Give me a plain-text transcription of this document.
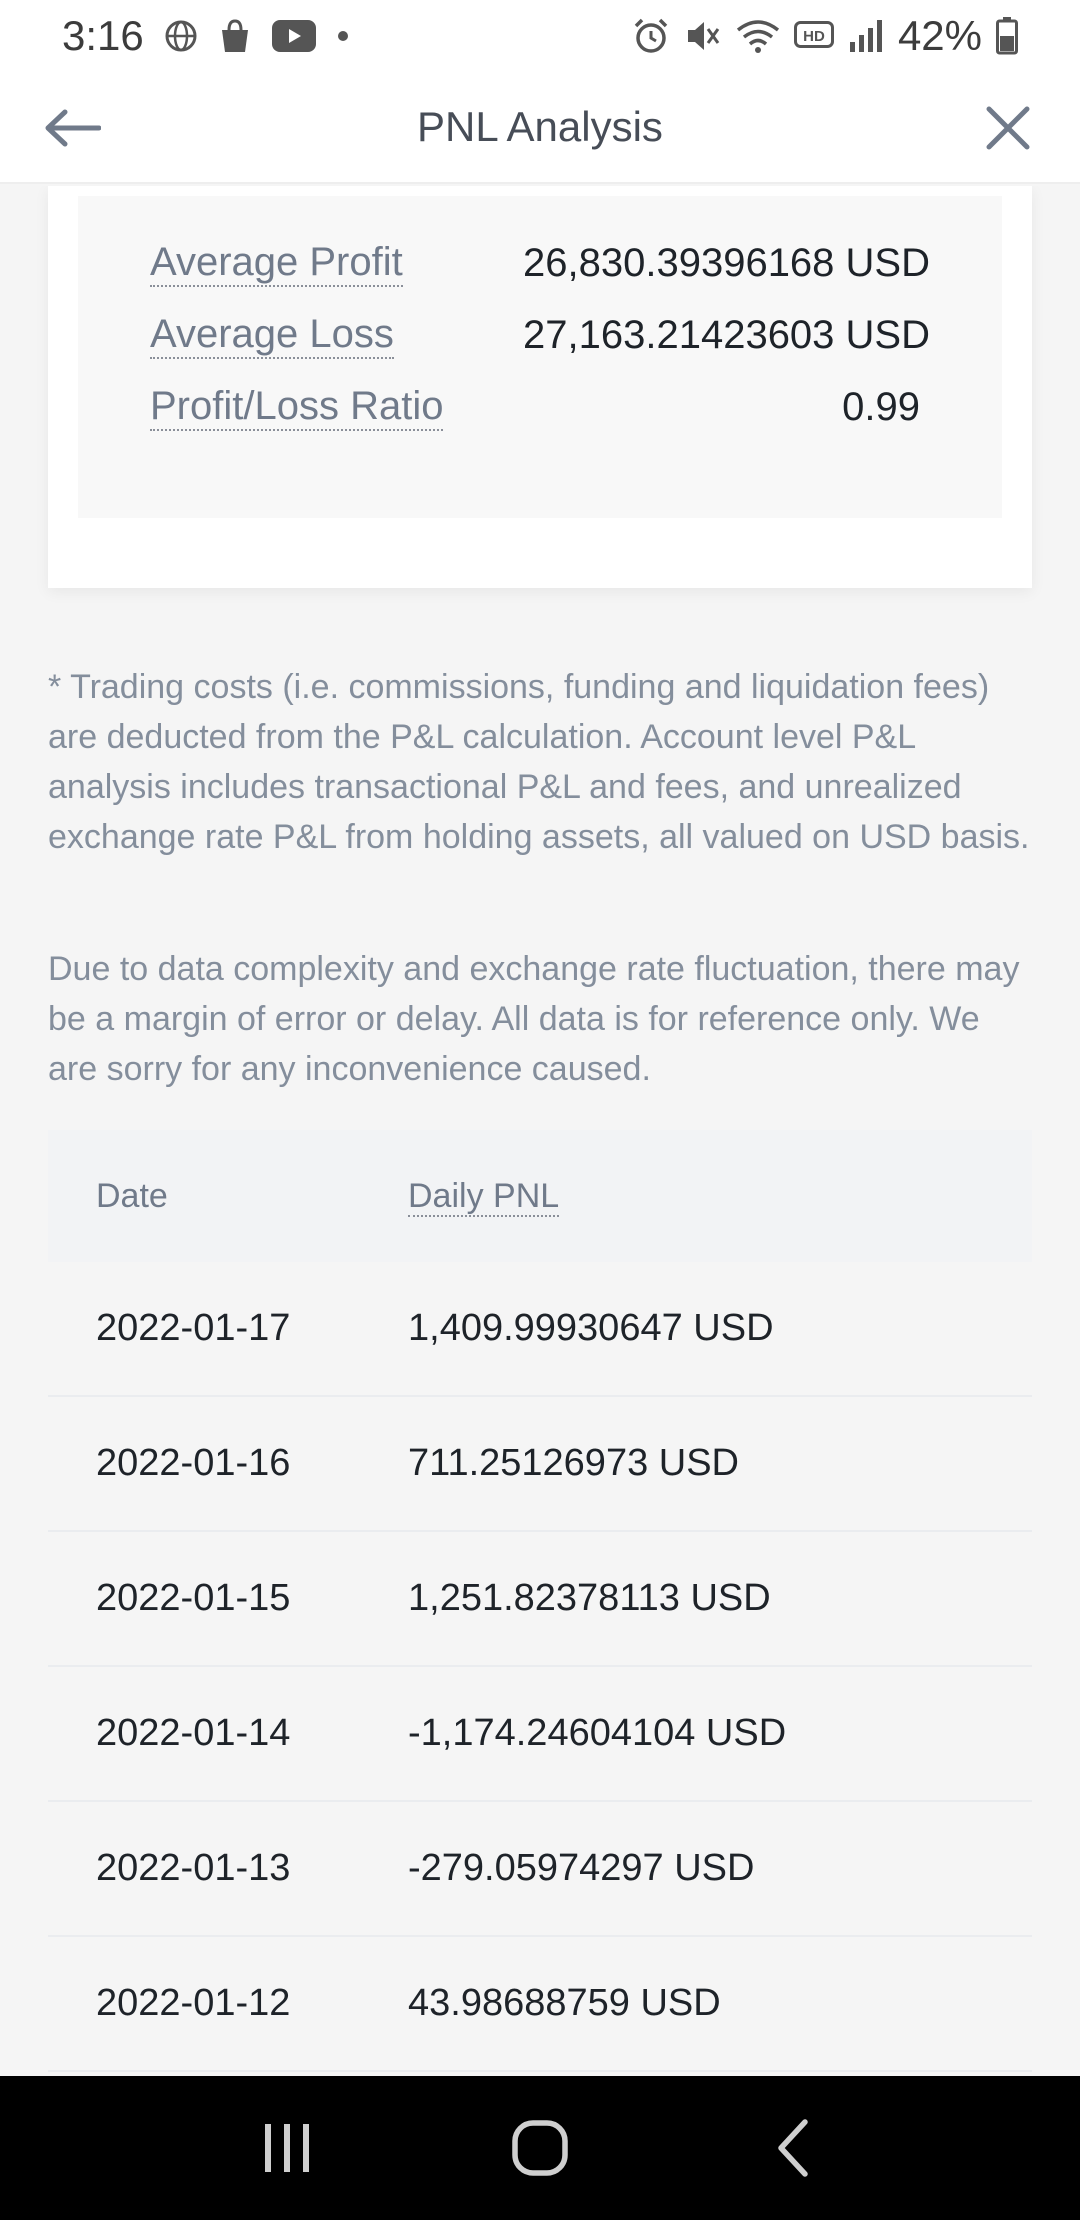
3:16	HD 42%
PNL Analysis
Average Profit	26,830.39396168 USD
Average Loss	27,163.21423603 USD
Profit/Loss Ratio	0.99

* Trading costs (i.e. commissions, funding and liquidation fees) are deducted from the P&L calculation. Account level P&L analysis includes transactional P&L and fees, and unrealized exchange rate P&L from holding assets, all valued on USD basis.

Due to data complexity and exchange rate fluctuation, there may be a margin of error or delay. All data is for reference only. We are sorry for any inconvenience caused.

Date	Daily PNL
2022-01-17	1,409.99930647 USD
2022-01-16	711.25126973 USD
2022-01-15	1,251.82378113 USD
2022-01-14	-1,174.24604104 USD
2022-01-13	-279.05974297 USD
2022-01-12	43.98688759 USD
